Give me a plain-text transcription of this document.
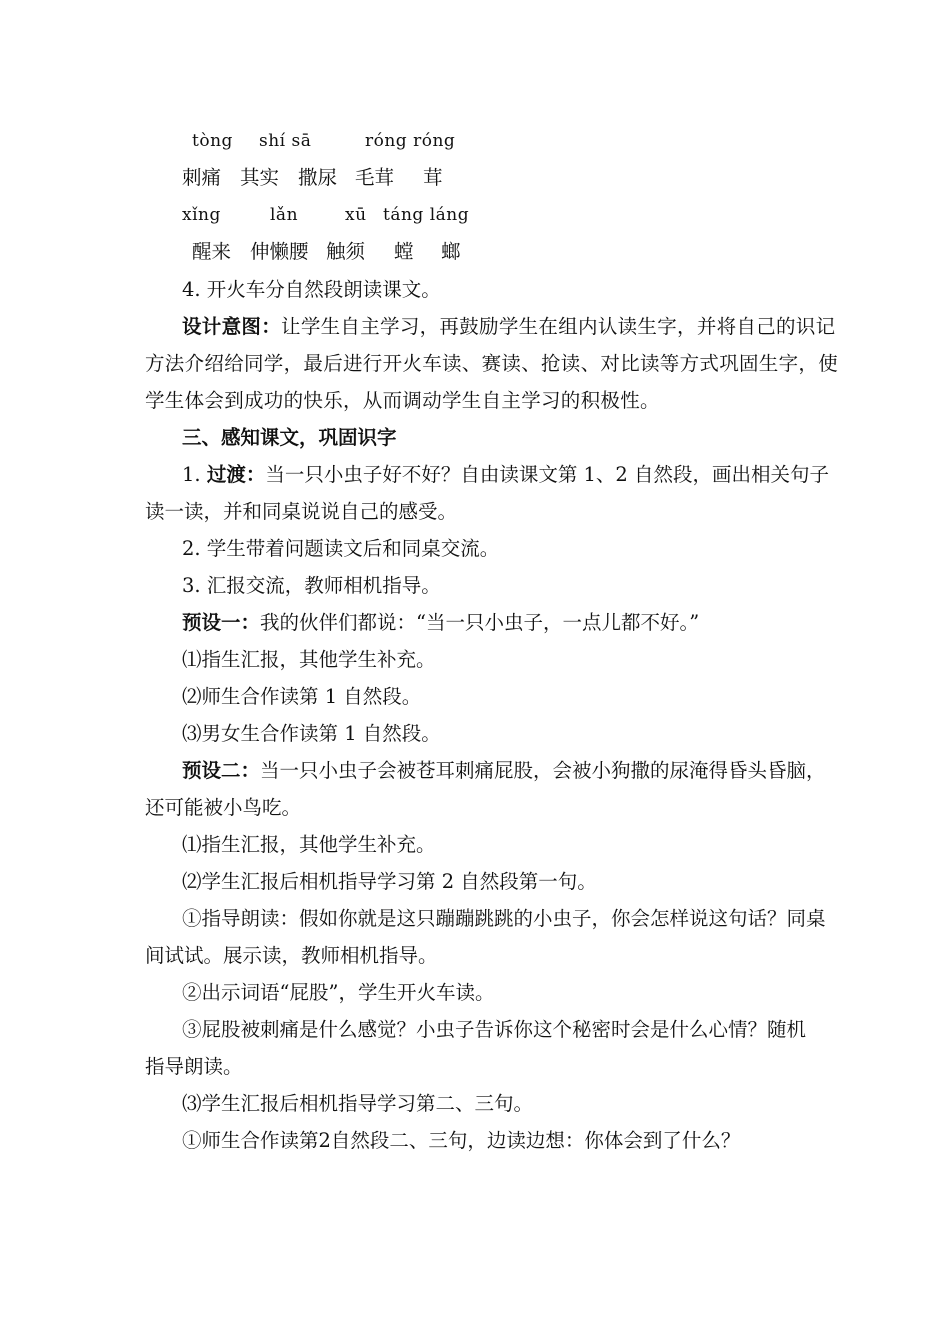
tòng shí sā	róng róng
刺痛 其实 撒尿 毛茸 茸
xǐng	lǎn	xū táng láng
醒来 伸懒腰 触须 螳 螂
4. 开火车分自然段朗读课文。
设计意图：让学生自主学习，再鼓励学生在组内认读生字，并将自己的识记
方法介绍给同学，最后进行开火车读、赛读、抢读、对比读等方式巩固生字，使
学生体会到成功的快乐，从而调动学生自主学习的积极性。
三、感知课文，巩固识字
1. 过渡：当一只小虫子好不好？自由读课文第 1、2 自然段，画出相关句子
读一读，并和同桌说说自己的感受。
2. 学生带着问题读文后和同桌交流。
3. 汇报交流，教师相机指导。
预设一：我的伙伴们都说：“当一只小虫子，一点儿都不好。”
⑴指生汇报，其他学生补充。
⑵师生合作读第 1 自然段。
⑶男女生合作读第 1 自然段。
预设二：当一只小虫子会被苍耳刺痛屁股，会被小狗撒的尿淹得昏头昏脑，
还可能被小鸟吃。
⑴指生汇报，其他学生补充。
⑵学生汇报后相机指导学习第 2 自然段第一句。
①指导朗读：假如你就是这只蹦蹦跳跳的小虫子，你会怎样说这句话？同桌
间试试。展示读，教师相机指导。
②出示词语“屁股”，学生开火车读。
③屁股被刺痛是什么感觉？小虫子告诉你这个秘密时会是什么心情？随机
指导朗读。
⑶学生汇报后相机指导学习第二、三句。
①师生合作读第2自然段二、三句，边读边想：你体会到了什么？
